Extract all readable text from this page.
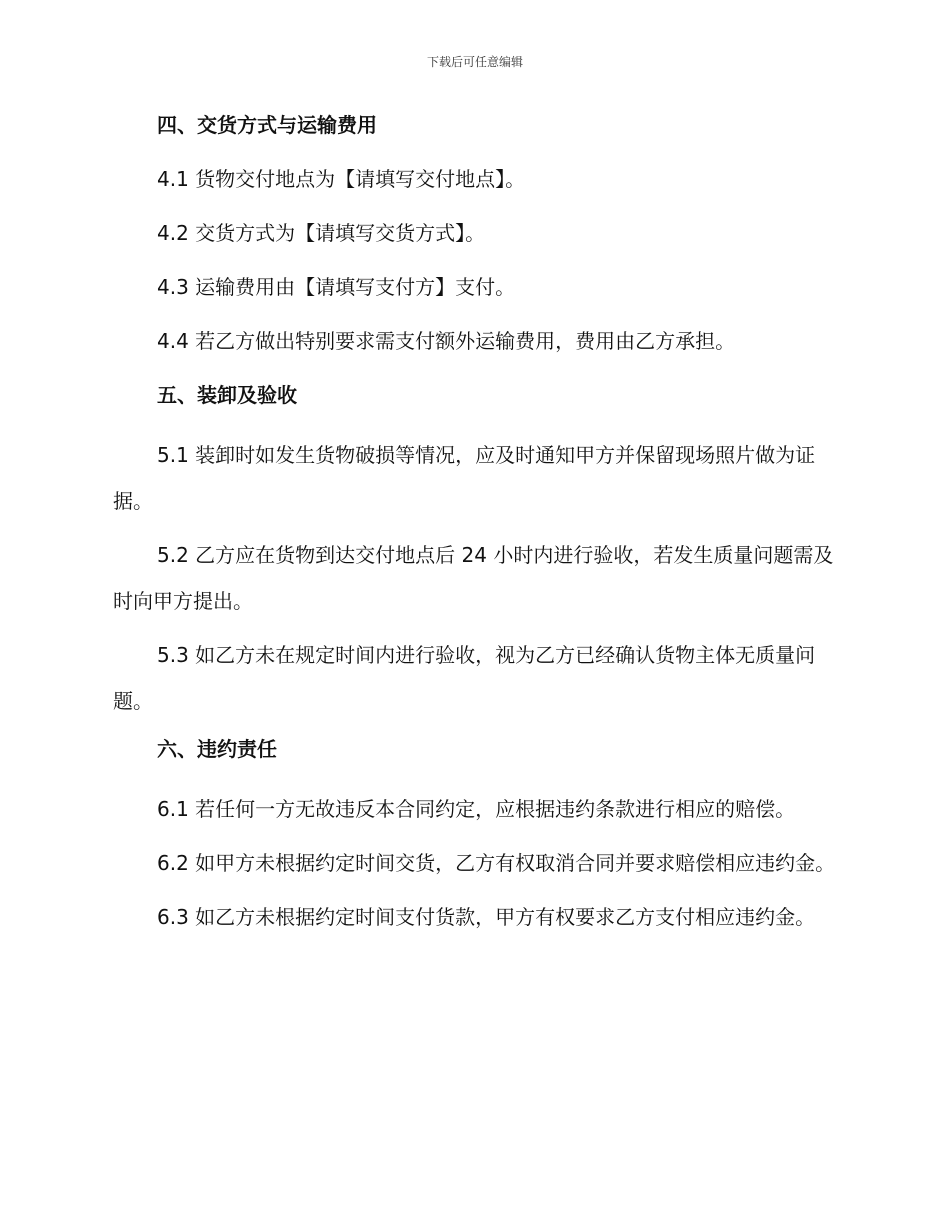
下载后可任意编辑
四、交货方式与运输费用
4.1 货物交付地点为【请填写交付地点】。
4.2 交货方式为【请填写交货方式】。
4.3 运输费用由【请填写支付方】支付。
4.4 若乙方做出特别要求需支付额外运输费用，费用由乙方承担。
五、装卸及验收
5.1 装卸时如发生货物破损等情况，应及时通知甲方并保留现场照片做为证据。
5.2 乙方应在货物到达交付地点后 24 小时内进行验收，若发生质量问题需及时向甲方提出。
5.3 如乙方未在规定时间内进行验收，视为乙方已经确认货物主体无质量问题。
六、违约责任
6.1 若任何一方无故违反本合同约定，应根据违约条款进行相应的赔偿。
6.2 如甲方未根据约定时间交货，乙方有权取消合同并要求赔偿相应违约金。
6.3 如乙方未根据约定时间支付货款，甲方有权要求乙方支付相应违约金。
